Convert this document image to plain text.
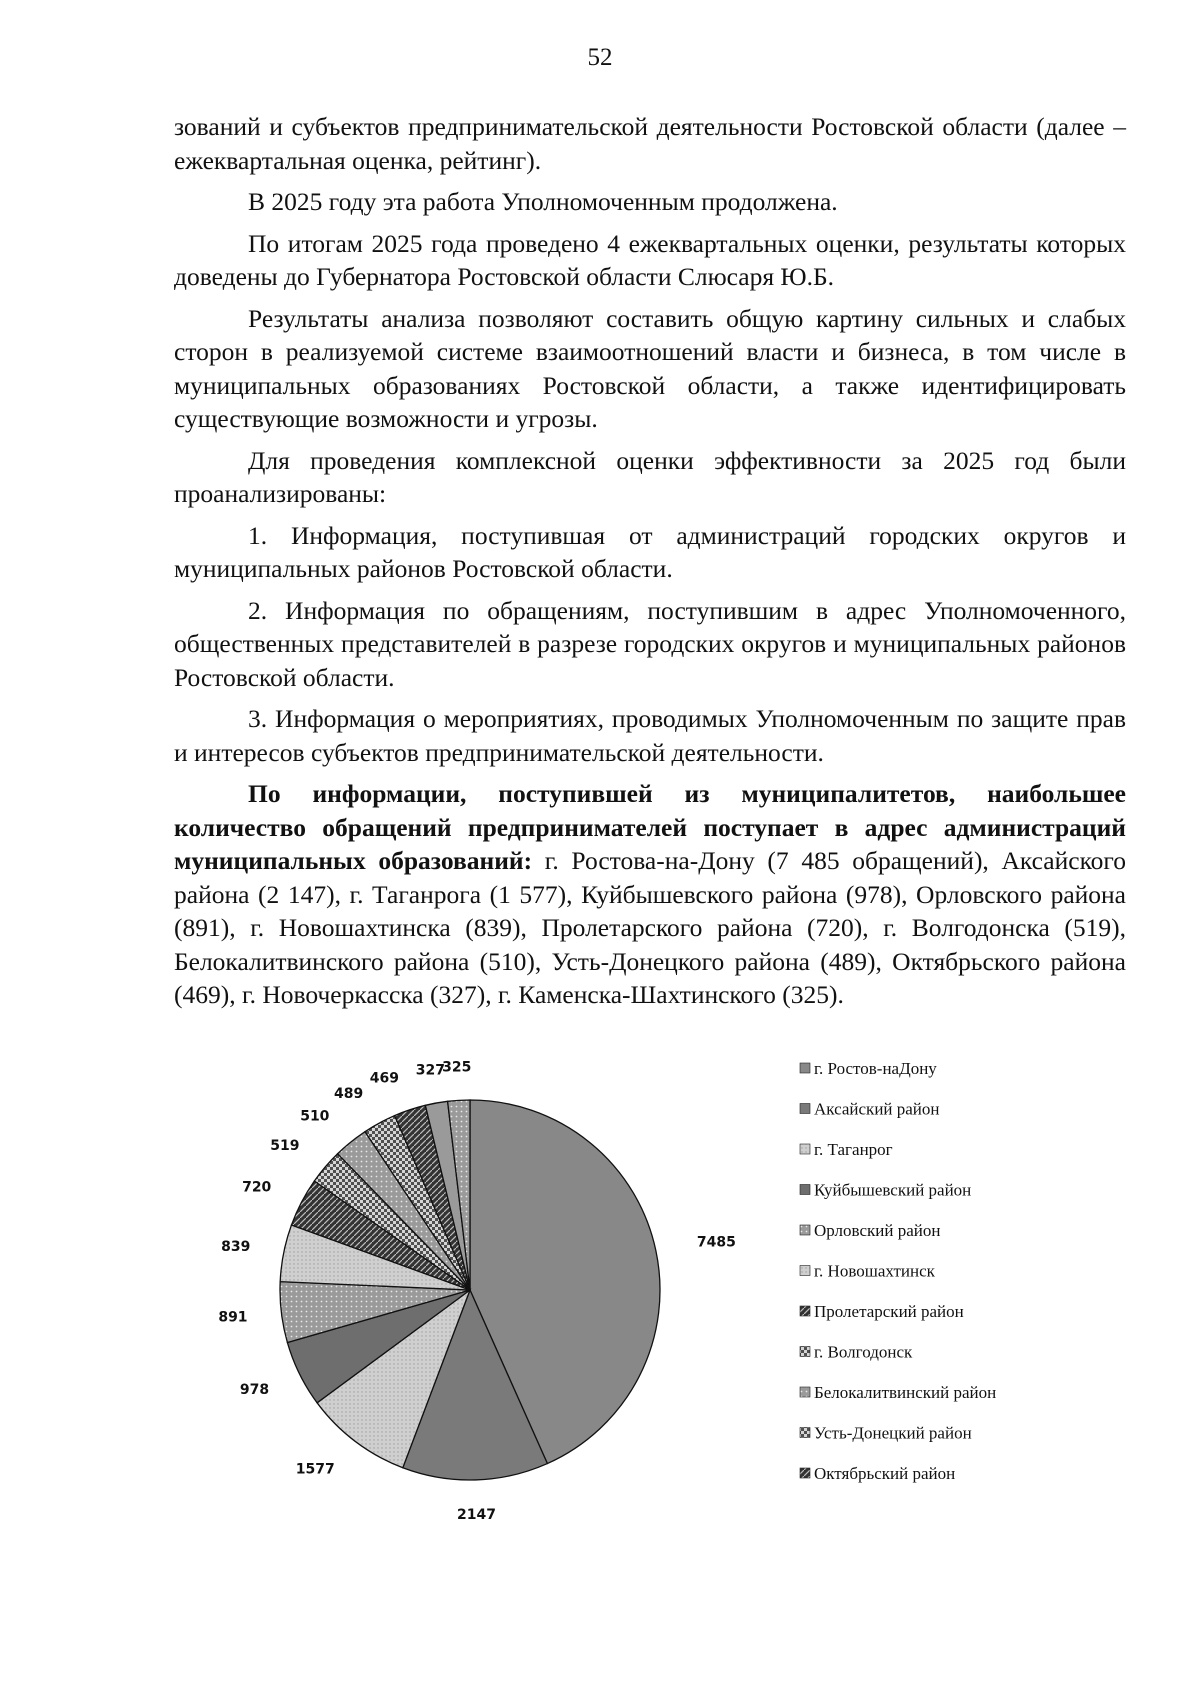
52

зований и субъектов предпринимательской деятельности Ростовской области (далее – ежеквартальная оценка, рейтинг).

В 2025 году эта работа Уполномоченным продолжена.

По итогам 2025 года проведено 4 ежеквартальных оценки, результаты которых доведены до Губернатора Ростовской области Слюсаря Ю.Б.

Результаты анализа позволяют составить общую картину сильных и слабых сторон в реализуемой системе взаимоотношений власти и бизнеса, в том числе в муниципальных образованиях Ростовской области, а также идентифицировать существующие возможности и угрозы.

Для проведения комплексной оценки эффективности за 2025 год были проанализированы:

1. Информация, поступившая от администраций городских округов и муниципальных районов Ростовской области.

2. Информация по обращениям, поступившим в адрес Уполномоченного, общественных представителей в разрезе городских округов и муниципальных районов Ростовской области.

3. Информация о мероприятиях, проводимых Уполномоченным по защите прав и интересов субъектов предпринимательской деятельности.

По информации, поступившей из муниципалитетов, наибольшее количество обращений предпринимателей поступает в адрес администраций муниципальных образований: г. Ростова-на-Дону (7 485 обращений), Аксайского района (2 147), г. Таганрога (1 577), Куйбышевского района (978), Орловского района (891), г. Новошахтинска (839), Пролетарского района (720), г. Волгодонска (519), Белокалитвинского района (510), Усть-Донецкого района (489), Октябрьского района (469), г. Новочеркасска (327), г. Каменска-Шахтинского (325).

7485
2147
1577
978
891
839
720
519
510
489
469
327
325	г. Ростов-наДону
Аксайский район
г. Таганрог
Куйбышевский район
Орловский район
г. Новошахтинск
Пролетарский район
г. Волгодонск
Белокалитвинский район
Усть-Донецкий район
Октябрьский район
